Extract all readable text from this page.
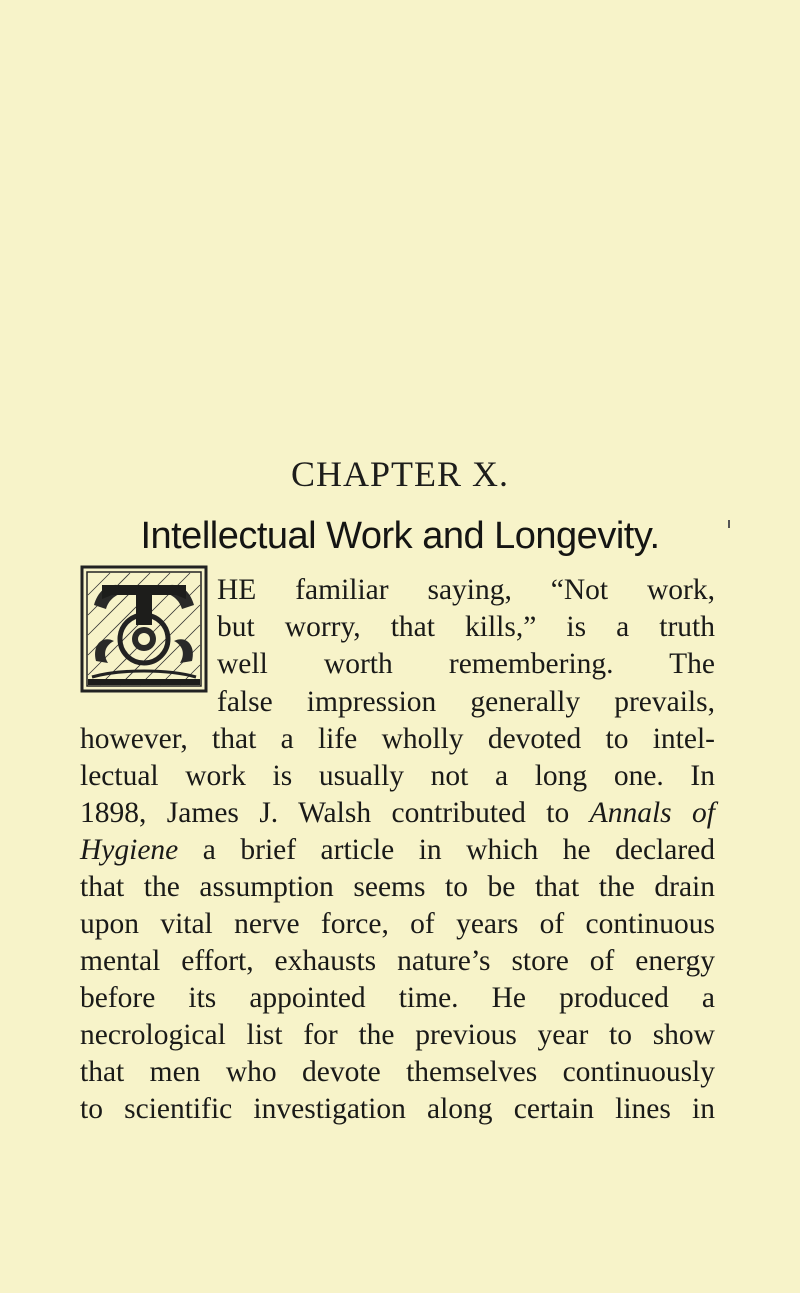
CHAPTER X.
Intellectual Work and Longevity.
HE familiar saying, “Not work,
but worry, that kills,” is a truth
well worth remembering. The
false impression generally prevails,
however, that a life wholly devoted to intel-
lectual work is usually not a long one. In
1898, James J. Walsh contributed to Annals of
Hygiene a brief article in which he declared
that the assumption seems to be that the drain
upon vital nerve force, of years of continuous
mental effort, exhausts nature’s store of energy
before its appointed time. He produced a
necrological list for the previous year to show
that men who devote themselves continuously
to scientific investigation along certain lines in
